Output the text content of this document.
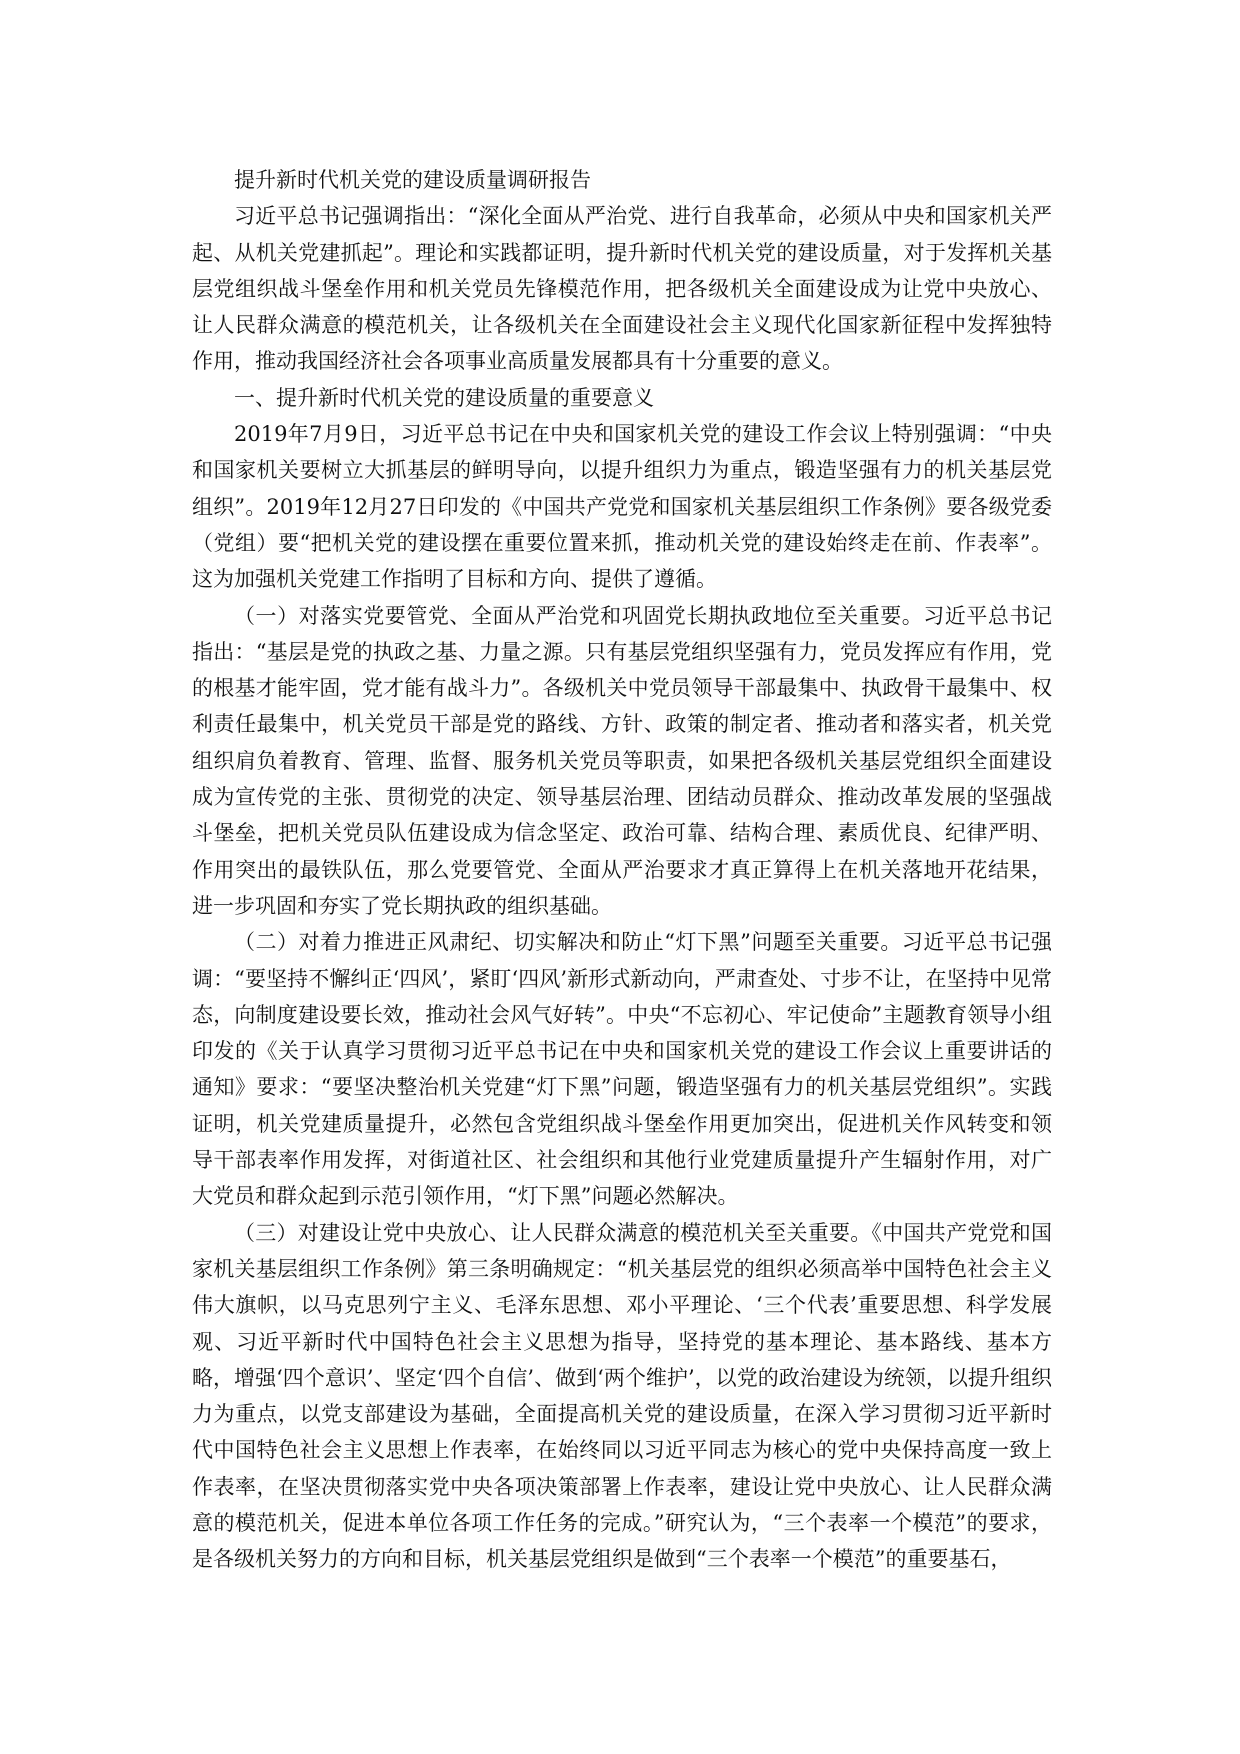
提升新时代机关党的建设质量调研报告

习近平总书记强调指出：“深化全面从严治党、进行自我革命，必须从中央和国家机关严起、从机关党建抓起”。理论和实践都证明，提升新时代机关党的建设质量，对于发挥机关基层党组织战斗堡垒作用和机关党员先锋模范作用，把各级机关全面建设成为让党中央放心、让人民群众满意的模范机关，让各级机关在全面建设社会主义现代化国家新征程中发挥独特作用，推动我国经济社会各项事业高质量发展都具有十分重要的意义。

一、提升新时代机关党的建设质量的重要意义

2019年7月9日，习近平总书记在中央和国家机关党的建设工作会议上特别强调：“中央和国家机关要树立大抓基层的鲜明导向，以提升组织力为重点，锻造坚强有力的机关基层党组织”。2019年12月27日印发的《中国共产党党和国家机关基层组织工作条例》要各级党委（党组）要“把机关党的建设摆在重要位置来抓，推动机关党的建设始终走在前、作表率”。这为加强机关党建工作指明了目标和方向、提供了遵循。

（一）对落实党要管党、全面从严治党和巩固党长期执政地位至关重要。习近平总书记指出：“基层是党的执政之基、力量之源。只有基层党组织坚强有力，党员发挥应有作用，党的根基才能牢固，党才能有战斗力”。各级机关中党员领导干部最集中、执政骨干最集中、权利责任最集中，机关党员干部是党的路线、方针、政策的制定者、推动者和落实者，机关党组织肩负着教育、管理、监督、服务机关党员等职责，如果把各级机关基层党组织全面建设成为宣传党的主张、贯彻党的决定、领导基层治理、团结动员群众、推动改革发展的坚强战斗堡垒，把机关党员队伍建设成为信念坚定、政治可靠、结构合理、素质优良、纪律严明、作用突出的最铁队伍，那么党要管党、全面从严治要求才真正算得上在机关落地开花结果，进一步巩固和夯实了党长期执政的组织基础。

（二）对着力推进正风肃纪、切实解决和防止“灯下黑”问题至关重要。习近平总书记强调：“要坚持不懈纠正‘四风’，紧盯‘四风’新形式新动向，严肃查处、寸步不让，在坚持中见常态，向制度建设要长效，推动社会风气好转”。中央“不忘初心、牢记使命”主题教育领导小组印发的《关于认真学习贯彻习近平总书记在中央和国家机关党的建设工作会议上重要讲话的通知》要求：“要坚决整治机关党建“灯下黑”问题，锻造坚强有力的机关基层党组织”。实践证明，机关党建质量提升，必然包含党组织战斗堡垒作用更加突出，促进机关作风转变和领导干部表率作用发挥，对街道社区、社会组织和其他行业党建质量提升产生辐射作用，对广大党员和群众起到示范引领作用，“灯下黑”问题必然解决。

（三）对建设让党中央放心、让人民群众满意的模范机关至关重要。《中国共产党党和国家机关基层组织工作条例》第三条明确规定：“机关基层党的组织必须高举中国特色社会主义伟大旗帜，以马克思列宁主义、毛泽东思想、邓小平理论、‘三个代表’重要思想、科学发展观、习近平新时代中国特色社会主义思想为指导，坚持党的基本理论、基本路线、基本方略，增强‘四个意识’、坚定‘四个自信’、做到‘两个维护’，以党的政治建设为统领，以提升组织力为重点，以党支部建设为基础，全面提高机关党的建设质量，在深入学习贯彻习近平新时代中国特色社会主义思想上作表率，在始终同以习近平同志为核心的党中央保持高度一致上作表率，在坚决贯彻落实党中央各项决策部署上作表率，建设让党中央放心、让人民群众满意的模范机关，促进本单位各项工作任务的完成。”研究认为，“三个表率一个模范”的要求，是各级机关努力的方向和目标，机关基层党组织是做到“三个表率一个模范”的重要基石，
